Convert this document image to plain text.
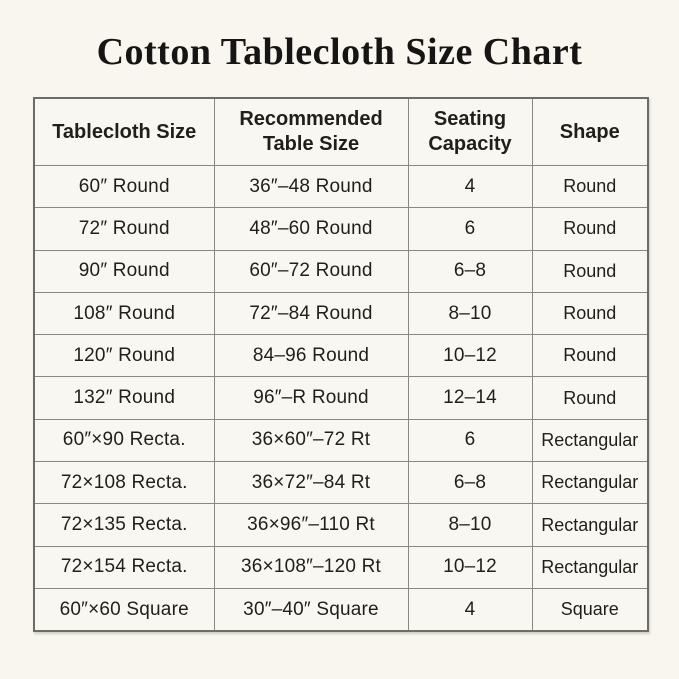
Cotton Tablecloth Size Chart
Tablecloth Size	Recommended Table Size	Seating Capacity	Shape
60″ Round	36″–48 Round	4	Round
72″ Round	48″–60 Round	6	Round
90″ Round	60″–72 Round	6–8	Round
108″ Round	72″–84 Round	8–10	Round
120″ Round	84–96 Round	10–12	Round
132″ Round	96″–R Round	12–14	Round
60″×90 Recta.	36×60″–72 Rt	6	Rectangular
72×108 Recta.	36×72″–84 Rt	6–8	Rectangular
72×135 Recta.	36×96″–110 Rt	8–10	Rectangular
72×154 Recta.	36×108″–120 Rt	10–12	Rectangular
60″×60 Square	30″–40″ Square	4	Square
